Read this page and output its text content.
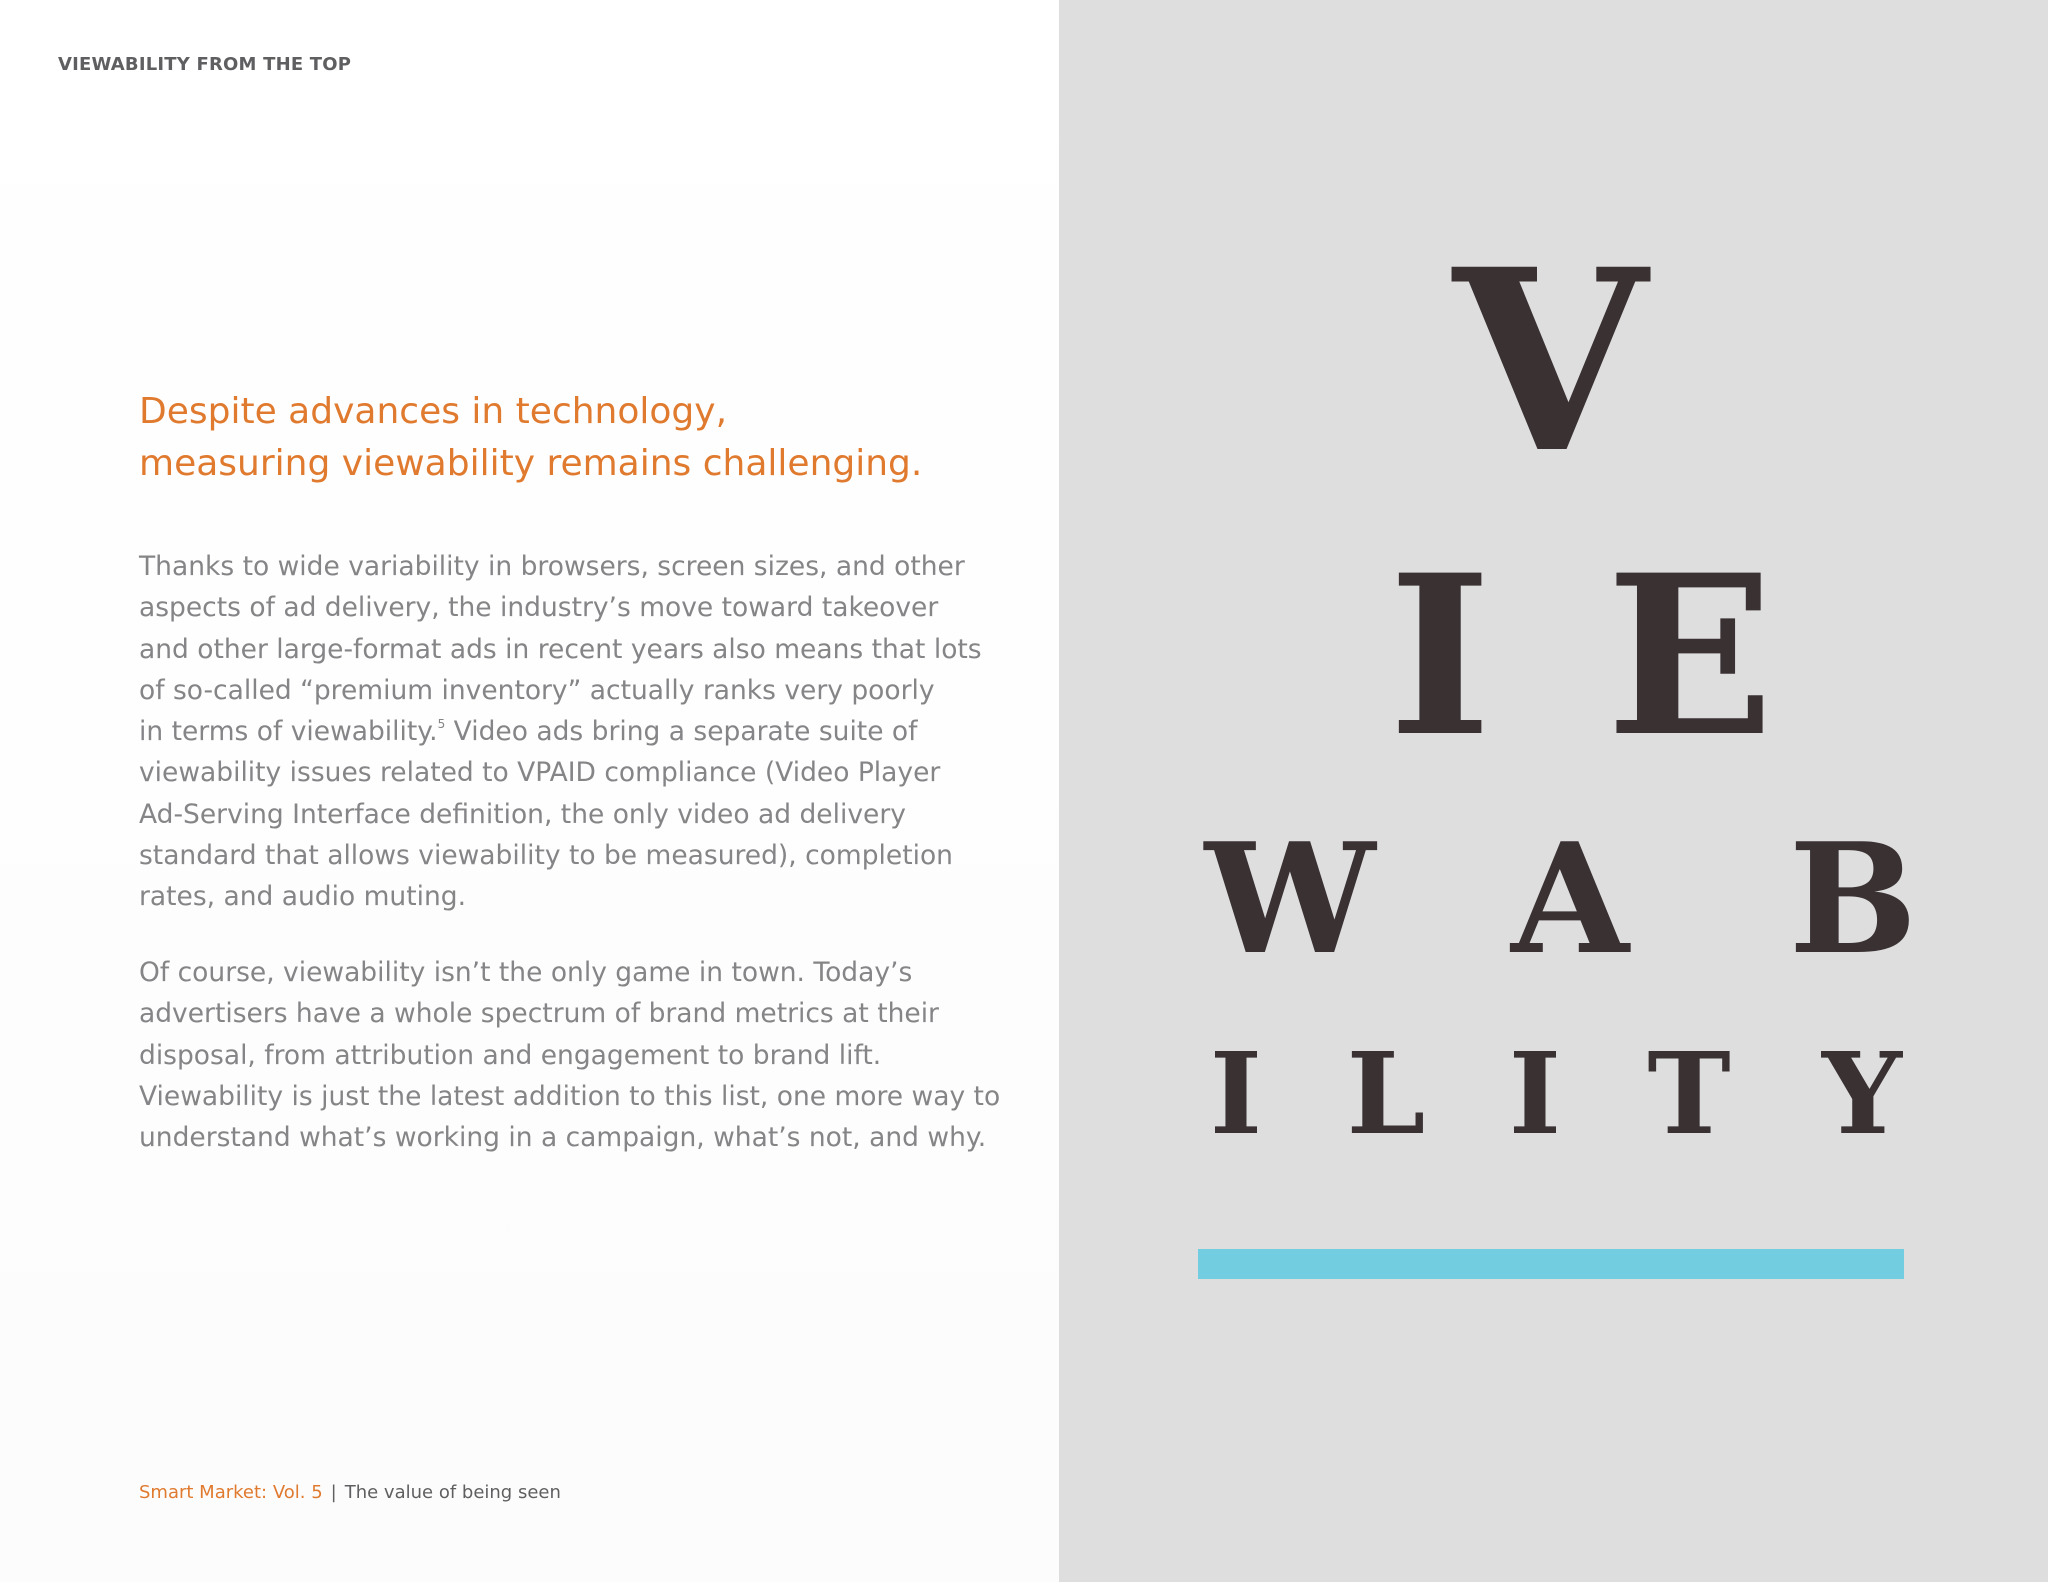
VIEWABILITY FROM THE TOP
Despite advances in technology,
measuring viewability remains challenging.
Thanks to wide variability in browsers, screen sizes, and other
aspects of ad delivery, the industry’s move toward takeover
and other large-format ads in recent years also means that lots
of so-called “premium inventory” actually ranks very poorly
in terms of viewability.$^5$ Video ads bring a separate suite of
viewability issues related to VPAID compliance (Video Player
Ad-Serving Interface definition, the only video ad delivery
standard that allows viewability to be measured), completion
rates, and audio muting.
Of course, viewability isn’t the only game in town. Today’s
advertisers have a whole spectrum of brand metrics at their
disposal, from attribution and engagement to brand lift.
Viewability is just the latest addition to this list, one more way to
understand what’s working in a campaign, what’s not, and why.
Smart Market: Vol. 5 | The value of being seen
V
I E
W A B
I L I T Y
